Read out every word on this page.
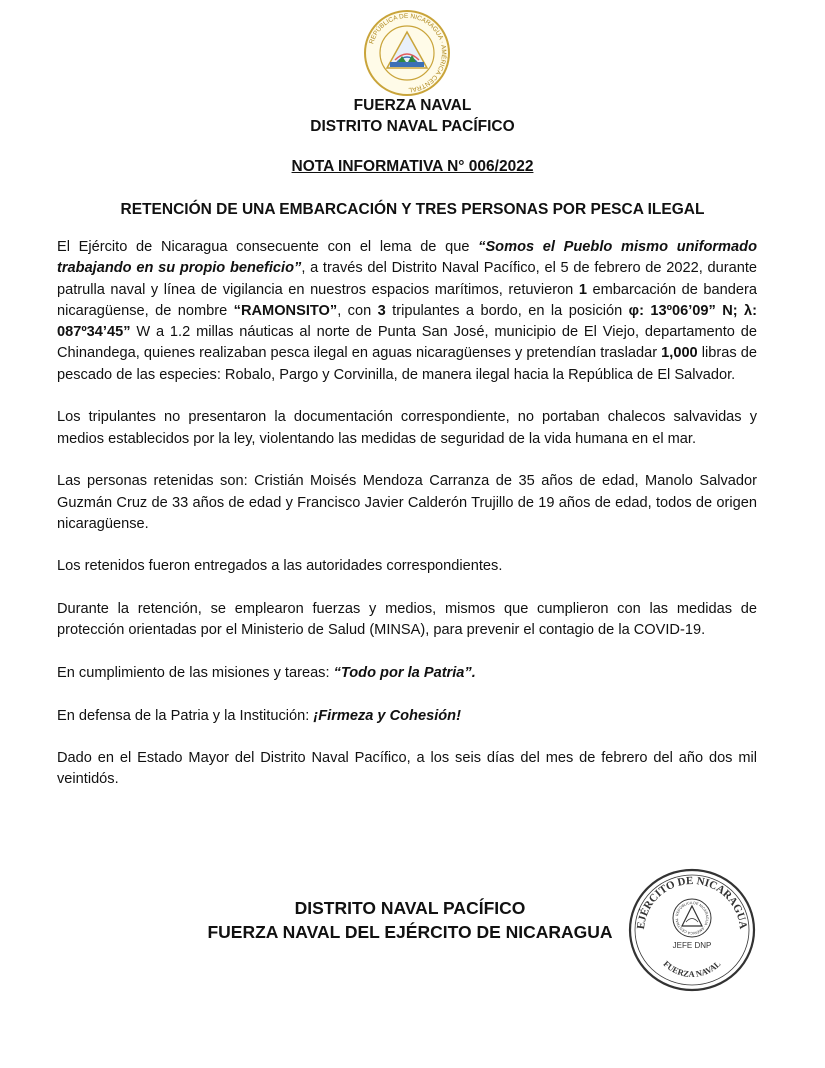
REPÚBLICA DE NICARAGUA · AMÉRICA CENTRAL
FUERZA NAVAL
DISTRITO NAVAL PACÍFICO
NOTA INFORMATIVA N° 006/2022
RETENCIÓN DE UNA EMBARCACIÓN Y TRES PERSONAS POR PESCA ILEGAL

El Ejército de Nicaragua consecuente con el lema de que “Somos el Pueblo mismo uniformado trabajando en su propio beneficio”, a través del Distrito Naval Pacífico, el 5 de febrero de 2022, durante patrulla naval y línea de vigilancia en nuestros espacios marítimos, retuvieron 1 embarcación de bandera nicaragüense, de nombre “RAMONSITO”, con 3 tripulantes a bordo, en la posición φ: 13º06’09” N; λ: 087º34’45” W a 1.2 millas náuticas al norte de Punta San José, municipio de El Viejo, departamento de Chinandega, quienes realizaban pesca ilegal en aguas nicaragüenses y pretendían trasladar 1,000 libras de pescado de las especies: Robalo, Pargo y Corvinilla, de manera ilegal hacia la República de El Salvador.

Los tripulantes no presentaron la documentación correspondiente, no portaban chalecos salvavidas y medios establecidos por la ley, violentando las medidas de seguridad de la vida humana en el mar.

Las personas retenidas son: Cristián Moisés Mendoza Carranza de 35 años de edad, Manolo Salvador Guzmán Cruz de 33 años de edad y Francisco Javier Calderón Trujillo de 19 años de edad, todos de origen nicaragüense.

Los retenidos fueron entregados a las autoridades correspondientes.

Durante la retención, se emplearon fuerzas y medios, mismos que cumplieron con las medidas de protección orientadas por el Ministerio de Salud (MINSA), para prevenir el contagio de la COVID-19.

En cumplimiento de las misiones y tareas: “Todo por la Patria”.

En defensa de la Patria y la Institución: ¡Firmeza y Cohesión!

Dado en el Estado Mayor del Distrito Naval Pacífico, a los seis días del mes de febrero del año dos mil veintidós.

DISTRITO NAVAL PACÍFICO
FUERZA NAVAL DEL EJÉRCITO DE NICARAGUA	EJÉRCITO DE NICARAGUA
REPÚBLICA DE NICARAGUA · AMÉRICA CENTRAL
JEFE DNP
FUERZA NAVAL
